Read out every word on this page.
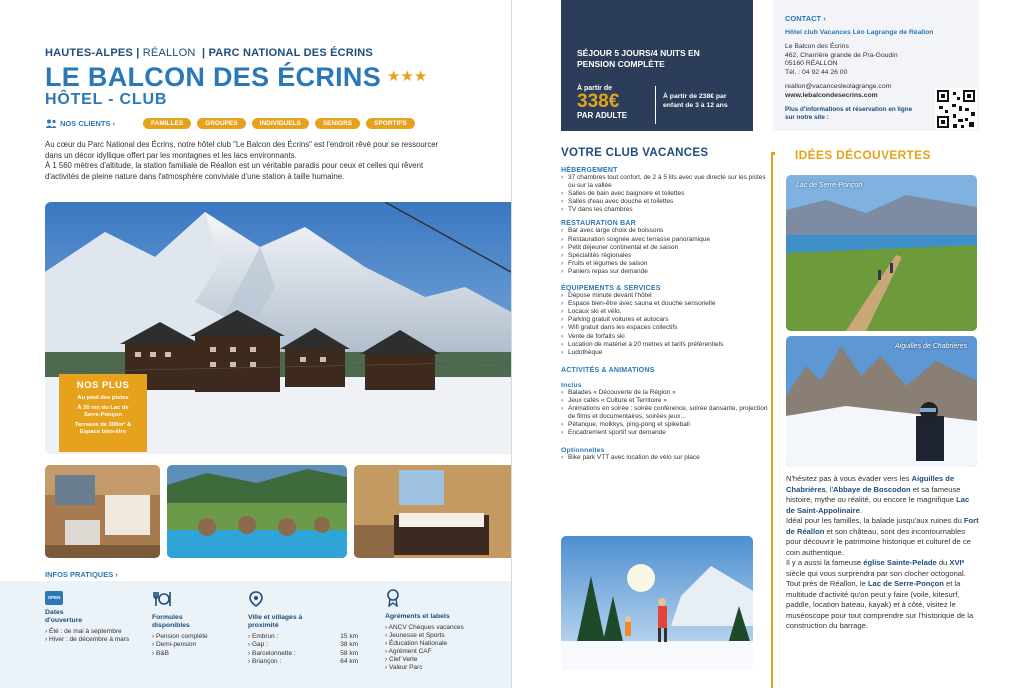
HAUTES-ALPES | RÉALLON  | PARC NATIONAL DES ÉCRINS
LE BALCON DES ÉCRINS ★★★
HÔTEL - CLUB
NOS CLIENTS ›	FAMILLES	GROUPES	INDIVIDUELS	SENIORS	SPORTIFS
Au cœur du Parc National des Écrins, notre hôtel club "Le Balcon des Écrins" est l'endroit rêvé pour se ressourcer dans un décor idyllique offert par les montagnes et les lacs environnants.
À 1 560 mètres d'altitude, la station familiale de Réallon est un véritable paradis pour ceux et celles qui rêvent d'activités de pleine nature dans l'atmosphère conviviale d'une station à taille humaine.
NOS PLUS
Au pied des pistes
À 20 mn du Lac de Serre-Ponçon
Terrasse de 300m² & Espace bien-être
INFOS PRATIQUES ›
OPEN
Dates d'ouverture
› Été : de mai à septembre
› Hiver : de décembre à mars
Formules disponibles
› Pension complète
› Demi-pension
› B&B
Ville et villages à proximité
› Embrun :	15 km
› Gap :	38 km
› Barcelonnette :	58 km
› Briançon :	64 km
Agréments et labels
› ANCV Chèques vacances
› Jeunesse et Sports
› Éducation Nationale
› Agrément CAF
› Clef Verte
› Valeur Parc
SÉJOUR 5 JOURS/4 NUITS EN PENSION COMPLÈTE
À partir de
338€
PAR ADULTE
À partir de 238€ par enfant de 3 à 12 ans
CONTACT ›
Hôtel club Vacances Léo Lagrange de Réallon
Le Balcon des Écrins
462, Charrière grande de Pra-Goudin
05160 RÉALLON
Tél. : 04 92 44 26 00
reallon@vacancesleolagrange.com
www.lebalcondesecrins.com
Plus d'informations et réservation en ligne sur notre site :
VOTRE CLUB VACANCES
HÉBERGEMENT
› 37 chambres tout confort, de 2 à 5 lits avec vue directe sur les pistes ou sur la vallée
› Salles de bain avec baignoire et toilettes
› Salles d'eau avec douche et toilettes
› TV dans les chambres
RESTAURATION BAR
› Bar avec large choix de boissons
› Restauration soignée avec terrasse panoramique
› Petit déjeuner continental et de saison
› Spécialités régionales
› Fruits et légumes de saison
› Paniers repas sur demande
ÉQUIPEMENTS & SERVICES
› Dépose minute devant l'hôtel
› Espace bien-être avec sauna et douche sensorielle
› Locaux ski et vélo,
› Parking gratuit voitures et autocars
› Wifi gratuit dans les espaces collectifs
› Vente de forfaits ski
› Location de matériel à 20 mètres et tarifs préférentiels
› Ludothèque
ACTIVITÉS & ANIMATIONS
Inclus
› Balades « Découverte de la Région »
› Jeux cafés « Culture et Territoire »
› Animations en soirée : soirée conférence, soirée dansante, projection de films et documentaires, soirées jeux...
› Pétanque, molkkys, ping-pong et spikeball
› Encadrement sportif sur demande
Optionnelles
› Bike park VTT avec location de vélo sur place
IDÉES DÉCOUVERTES
Lac de Serre-Ponçon
Aiguilles de Chabrières

N'hésitez pas à vous évader vers les Aiguilles de Chabrières, l'Abbaye de Boscodon et sa fameuse histoire, mythe ou réalité, ou encore le magnifique Lac de Saint-Appolinaire.

Idéal pour les familles, la balade jusqu'aux ruines du Fort de Réallon et son château, sont des incontournables pour découvrir le patrimoine historique et culturel de ce coin authentique.

Il y a aussi la fameuse église Sainte-Pelade du XVIᵉ siècle qui vous surprendra par son clocher octogonal.

Tout près de Réallon, le Lac de Serre-Ponçon et la multitude d'activité qu'on peut y faire (voile, kitesurf, paddle, location bateau, kayak) et à côté, visitez le muséoscope pour tout comprendre sur l'historique de la construction du barrage.
